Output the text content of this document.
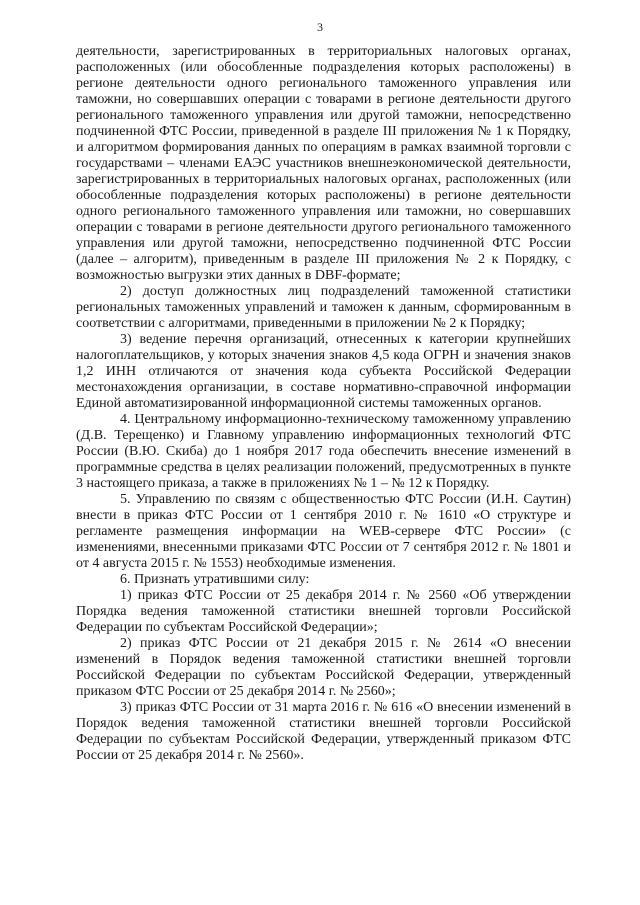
3

деятельности, зарегистрированных в территориальных налоговых органах, расположенных (или обособленные подразделения которых расположены) в регионе деятельности одного регионального таможенного управления или таможни, но совершавших операции с товарами в регионе деятельности другого регионального таможенного управления или другой таможни, непосредственно подчиненной ФТС России, приведенной в разделе III приложения № 1 к Порядку, и алгоритмом формирования данных по операциям в рамках взаимной торговли с государствами – членами ЕАЭС участников внешнеэкономической деятельности, зарегистрированных в территориальных налоговых органах, расположенных (или обособленные подразделения которых расположены) в регионе деятельности одного регионального таможенного управления или таможни, но совершавших операции с товарами в регионе деятельности другого регионального таможенного управления или другой таможни, непосредственно подчиненной ФТС России (далее – алгоритм), приведенным в разделе III приложения № 2 к Порядку, с возможностью выгрузки этих данных в DBF-формате;

2) доступ должностных лиц подразделений таможенной статистики региональных таможенных управлений и таможен к данным, сформированным в соответствии с алгоритмами, приведенными в приложении № 2 к Порядку;

3) ведение перечня организаций, отнесенных к категории крупнейших налогоплательщиков, у которых значения знаков 4,5 кода ОГРН и значения знаков 1,2 ИНН отличаются от значения кода субъекта Российской Федерации местонахождения организации, в составе нормативно-справочной информации Единой автоматизированной информационной системы таможенных органов.

4. Центральному информационно-техническому таможенному управлению (Д.В. Терещенко) и Главному управлению информационных технологий ФТС России (В.Ю. Скиба) до 1 ноября 2017 года обеспечить внесение изменений в программные средства в целях реализации положений, предусмотренных в пункте 3 настоящего приказа, а также в приложениях № 1 – № 12 к Порядку.

5. Управлению по связям с общественностью ФТС России (И.Н. Саутин) внести в приказ ФТС России от 1 сентября 2010 г. № 1610 «О структуре и регламенте размещения информации на WEB-сервере ФТС России» (с изменениями, внесенными приказами ФТС России от 7 сентября 2012 г. № 1801 и от 4 августа 2015 г. № 1553) необходимые изменения.

6. Признать утратившими силу:

1) приказ ФТС России от 25 декабря 2014 г. № 2560 «Об утверждении Порядка ведения таможенной статистики внешней торговли Российской Федерации по субъектам Российской Федерации»;

2) приказ ФТС России от 21 декабря 2015 г. № 2614 «О внесении изменений в Порядок ведения таможенной статистики внешней торговли Российской Федерации по субъектам Российской Федерации, утвержденный приказом ФТС России от 25 декабря 2014 г. № 2560»;

3) приказ ФТС России от 31 марта 2016 г. № 616 «О внесении изменений в Порядок ведения таможенной статистики внешней торговли Российской Федерации по субъектам Российской Федерации, утвержденный приказом ФТС России от 25 декабря 2014 г. № 2560».
